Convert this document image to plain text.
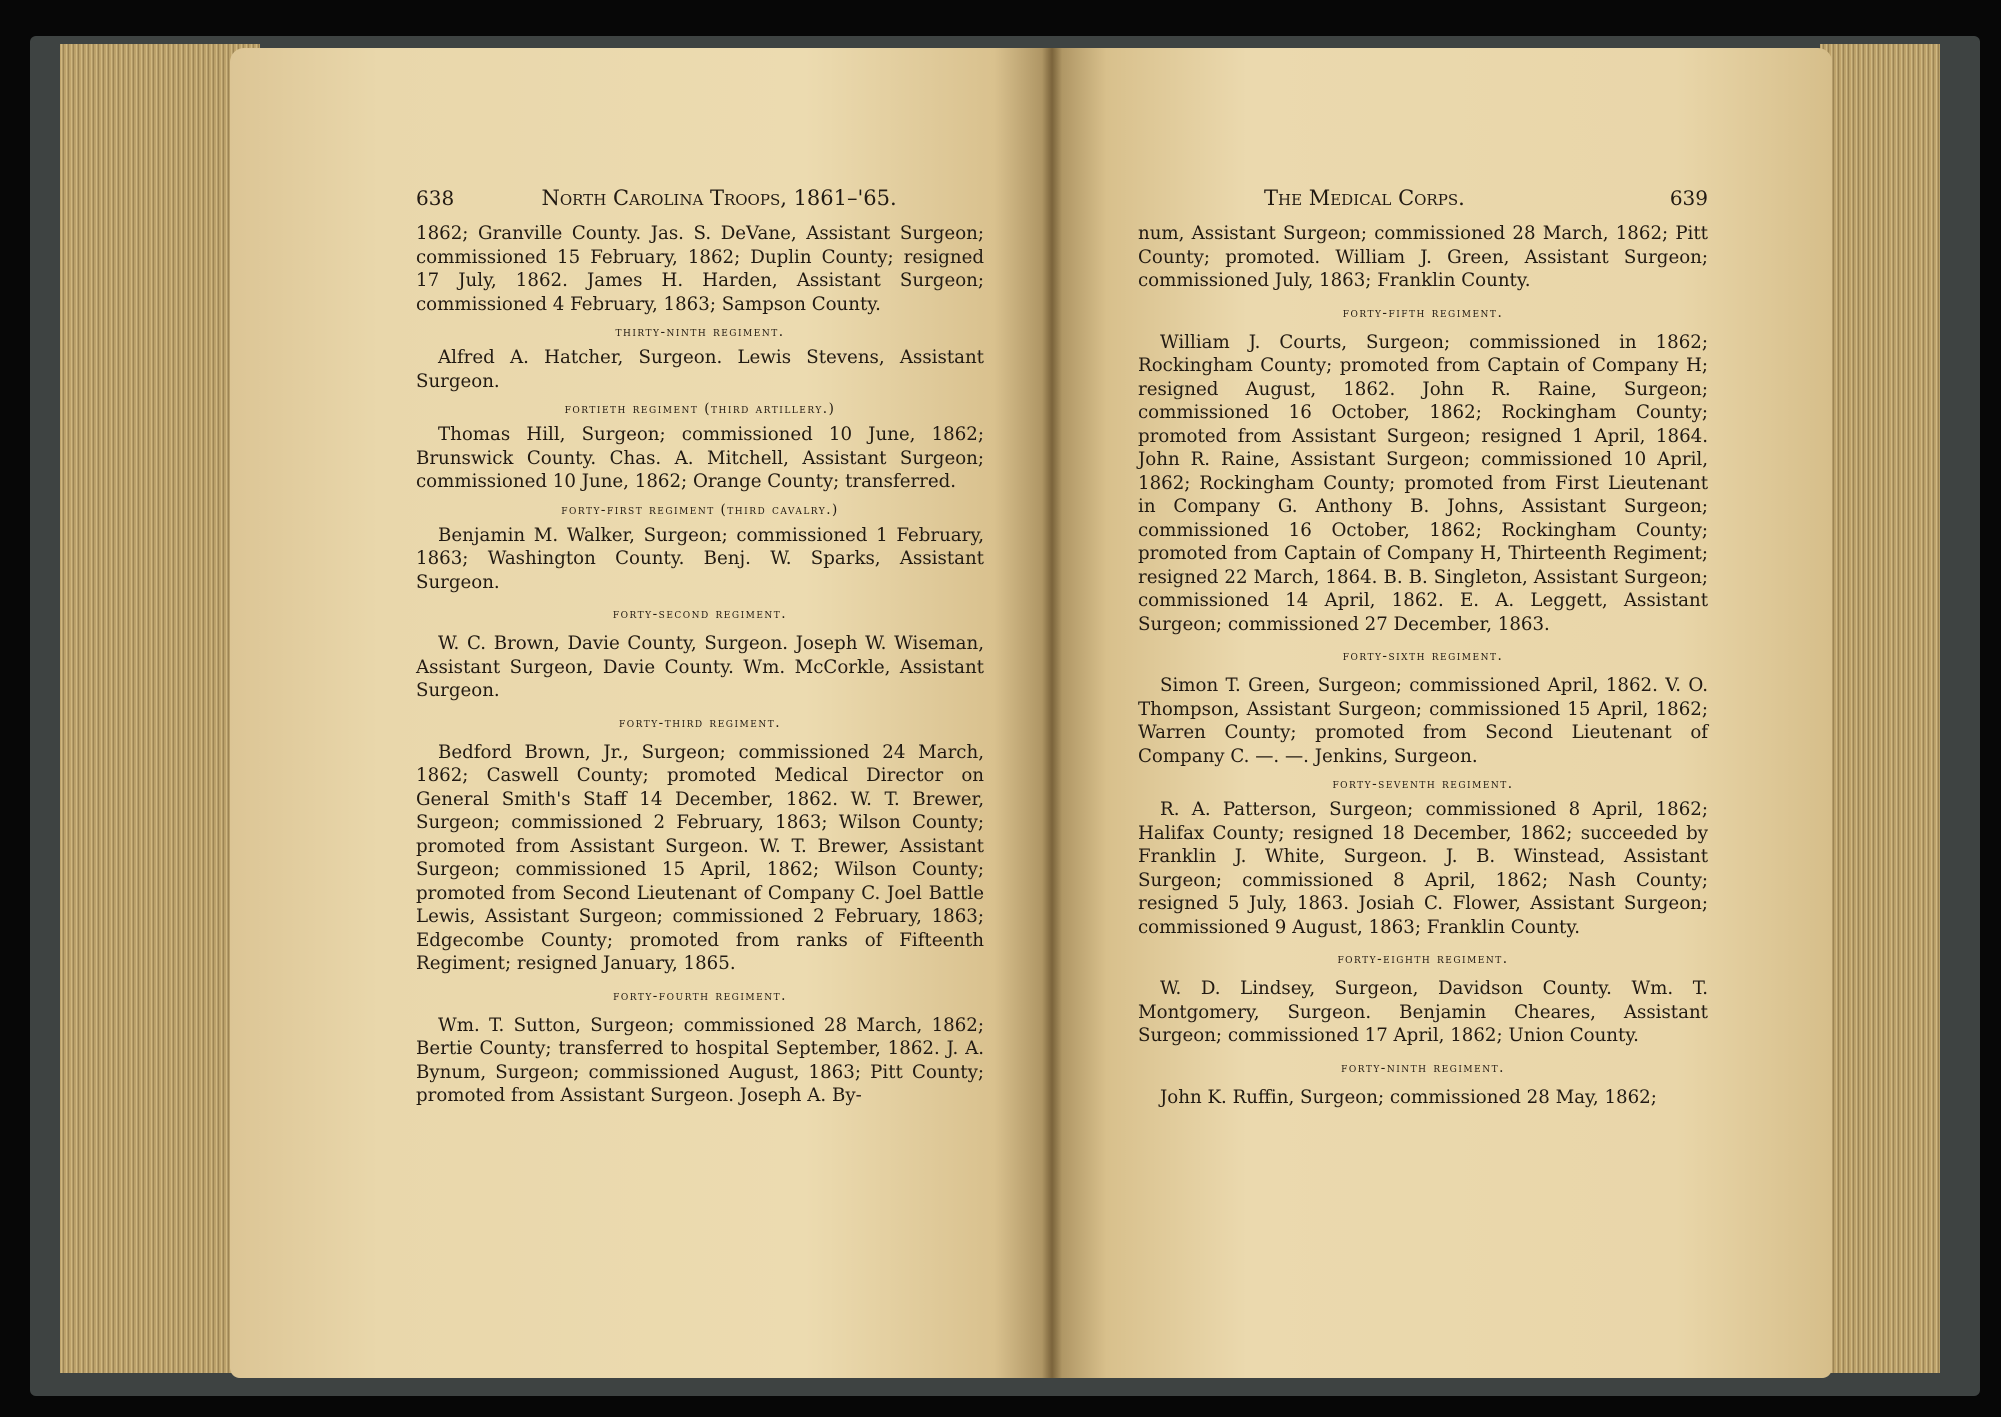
638	North Carolina Troops, 1861–'65.

1862; Granville County. Jas. S. DeVane, Assistant Surgeon; commissioned 15 February, 1862; Duplin County; resigned 17 July, 1862. James H. Harden, Assistant Surgeon; commissioned 4 February, 1863; Sampson County.

thirty-ninth regiment.

Alfred A. Hatcher, Surgeon. Lewis Stevens, Assistant Surgeon.

fortieth regiment (third artillery.)

Thomas Hill, Surgeon; commissioned 10 June, 1862; Brunswick County. Chas. A. Mitchell, Assistant Surgeon; commissioned 10 June, 1862; Orange County; transferred.

forty-first regiment (third cavalry.)

Benjamin M. Walker, Surgeon; commissioned 1 February, 1863; Washington County. Benj. W. Sparks, Assistant Surgeon.

forty-second regiment.

W. C. Brown, Davie County, Surgeon. Joseph W. Wiseman, Assistant Surgeon, Davie County. Wm. McCorkle, Assistant Surgeon.

forty-third regiment.

Bedford Brown, Jr., Surgeon; commissioned 24 March, 1862; Caswell County; promoted Medical Director on General Smith's Staff 14 December, 1862. W. T. Brewer, Surgeon; commissioned 2 February, 1863; Wilson County; promoted from Assistant Surgeon. W. T. Brewer, Assistant Surgeon; commissioned 15 April, 1862; Wilson County; promoted from Second Lieutenant of Company C. Joel Battle Lewis, Assistant Surgeon; commissioned 2 February, 1863; Edgecombe County; promoted from ranks of Fifteenth Regiment; resigned January, 1865.

forty-fourth regiment.

Wm. T. Sutton, Surgeon; commissioned 28 March, 1862; Bertie County; transferred to hospital September, 1862. J. A. Bynum, Surgeon; commissioned August, 1863; Pitt County; promoted from Assistant Surgeon. Joseph A. By-

The Medical Corps.	639

num, Assistant Surgeon; commissioned 28 March, 1862; Pitt County; promoted. William J. Green, Assistant Surgeon; commissioned July, 1863; Franklin County.

forty-fifth regiment.

William J. Courts, Surgeon; commissioned in 1862; Rockingham County; promoted from Captain of Company H; resigned August, 1862. John R. Raine, Surgeon; commissioned 16 October, 1862; Rockingham County; promoted from Assistant Surgeon; resigned 1 April, 1864. John R. Raine, Assistant Surgeon; commissioned 10 April, 1862; Rockingham County; promoted from First Lieutenant in Company G. Anthony B. Johns, Assistant Surgeon; commissioned 16 October, 1862; Rockingham County; promoted from Captain of Company H, Thirteenth Regiment; resigned 22 March, 1864. B. B. Singleton, Assistant Surgeon; commissioned 14 April, 1862. E. A. Leggett, Assistant Surgeon; commissioned 27 December, 1863.

forty-sixth regiment.

Simon T. Green, Surgeon; commissioned April, 1862. V. O. Thompson, Assistant Surgeon; commissioned 15 April, 1862; Warren County; promoted from Second Lieutenant of Company C. —. —. Jenkins, Surgeon.

forty-seventh regiment.

R. A. Patterson, Surgeon; commissioned 8 April, 1862; Halifax County; resigned 18 December, 1862; succeeded by Franklin J. White, Surgeon. J. B. Winstead, Assistant Surgeon; commissioned 8 April, 1862; Nash County; resigned 5 July, 1863. Josiah C. Flower, Assistant Surgeon; commissioned 9 August, 1863; Franklin County.

forty-eighth regiment.

W. D. Lindsey, Surgeon, Davidson County. Wm. T. Montgomery, Surgeon. Benjamin Cheares, Assistant Surgeon; commissioned 17 April, 1862; Union County.

forty-ninth regiment.

John K. Ruffin, Surgeon; commissioned 28 May, 1862;
